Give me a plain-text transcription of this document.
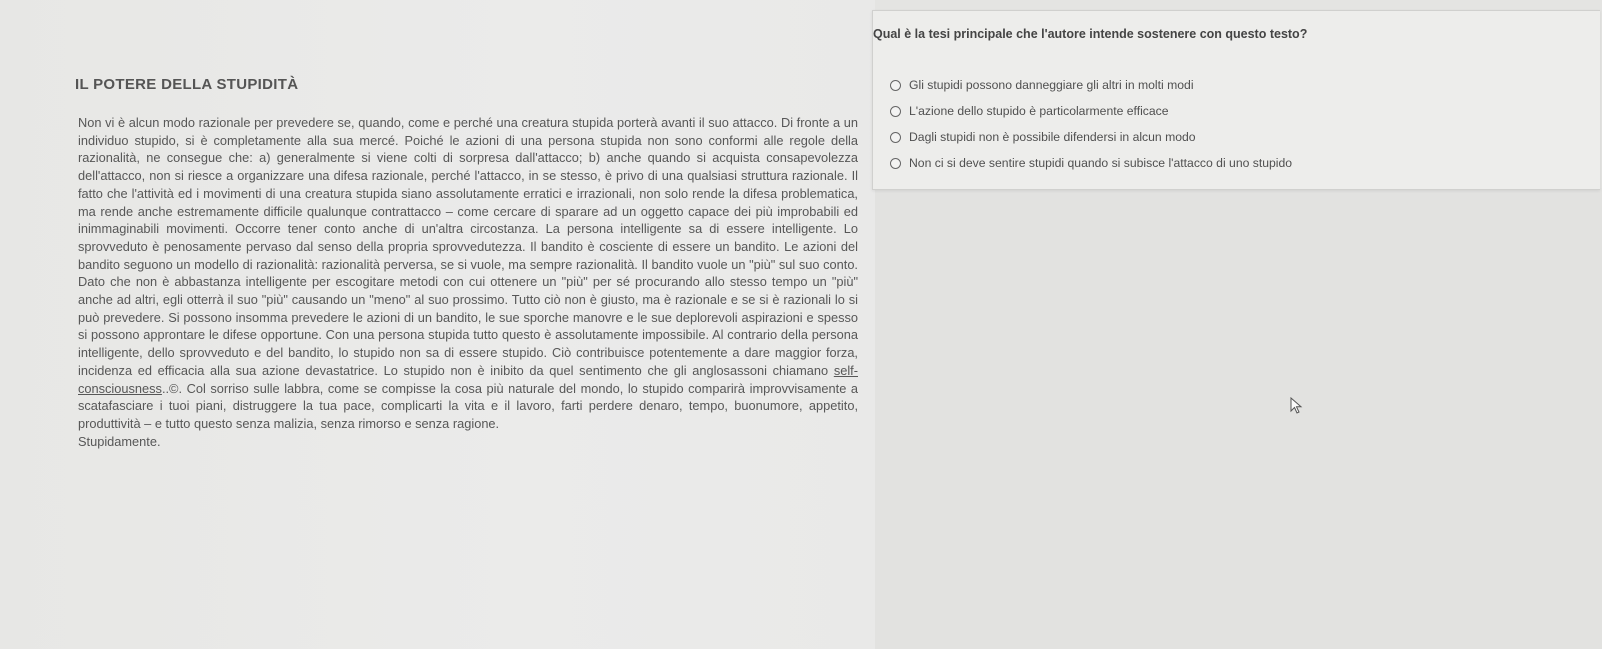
IL POTERE DELLA STUPIDITÀ

Non vi è alcun modo razionale per prevedere se, quando, come e perché una creatura stupida porterà avanti il suo attacco. Di fronte a un individuo stupido, si è completamente alla sua mercé. Poiché le azioni di una persona stupida non sono conformi alle regole della razionalità, ne consegue che: a) generalmente si viene colti di sorpresa dall'attacco; b) anche quando si acquista consapevolezza dell'attacco, non si riesce a organizzare una difesa razionale, perché l'attacco, in se stesso, è privo di una qualsiasi struttura razionale. Il fatto che l'attività ed i movimenti di una creatura stupida siano assolutamente erratici e irrazionali, non solo rende la difesa problematica, ma rende anche estremamente difficile qualunque contrattacco – come cercare di sparare ad un oggetto capace dei più improbabili ed inimmaginabili movimenti. Occorre tener conto anche di un'altra circostanza. La persona intelligente sa di essere intelligente. Lo sprovveduto è penosamente pervaso dal senso della propria sprovvedutezza. Il bandito è cosciente di essere un bandito. Le azioni del bandito seguono un modello di razionalità: razionalità perversa, se si vuole, ma sempre razionalità. Il bandito vuole un "più" sul suo conto. Dato che non è abbastanza intelligente per escogitare metodi con cui ottenere un "più" per sé procurando allo stesso tempo un "più" anche ad altri, egli otterrà il suo "più" causando un "meno" al suo prossimo. Tutto ciò non è giusto, ma è razionale e se si è razionali lo si può prevedere. Si possono insomma prevedere le azioni di un bandito, le sue sporche manovre e le sue deplorevoli aspirazioni e spesso si possono approntare le difese opportune. Con una persona stupida tutto questo è assolutamente impossibile. Al contrario della persona intelligente, dello sprovveduto e del bandito, lo stupido non sa di essere stupido. Ciò contribuisce potentemente a dare maggior forza, incidenza ed efficacia alla sua azione devastatrice. Lo stupido non è inibito da quel sentimento che gli anglosassoni chiamano self-consciousness..©. Col sorriso sulle labbra, come se compisse la cosa più naturale del mondo, lo stupido comparirà improvvisamente a scatafasciare i tuoi piani, distruggere la tua pace, complicarti la vita e il lavoro, farti perdere denaro, tempo, buonumore, appetito, produttività – e tutto questo senza malizia, senza rimorso e senza ragione.

Stupidamente.

Qual è la tesi principale che l'autore intende sostenere con questo testo?
Gli stupidi possono danneggiare gli altri in molti modi
L'azione dello stupido è particolarmente efficace
Dagli stupidi non è possibile difendersi in alcun modo
Non ci si deve sentire stupidi quando si subisce l'attacco di uno stupido
